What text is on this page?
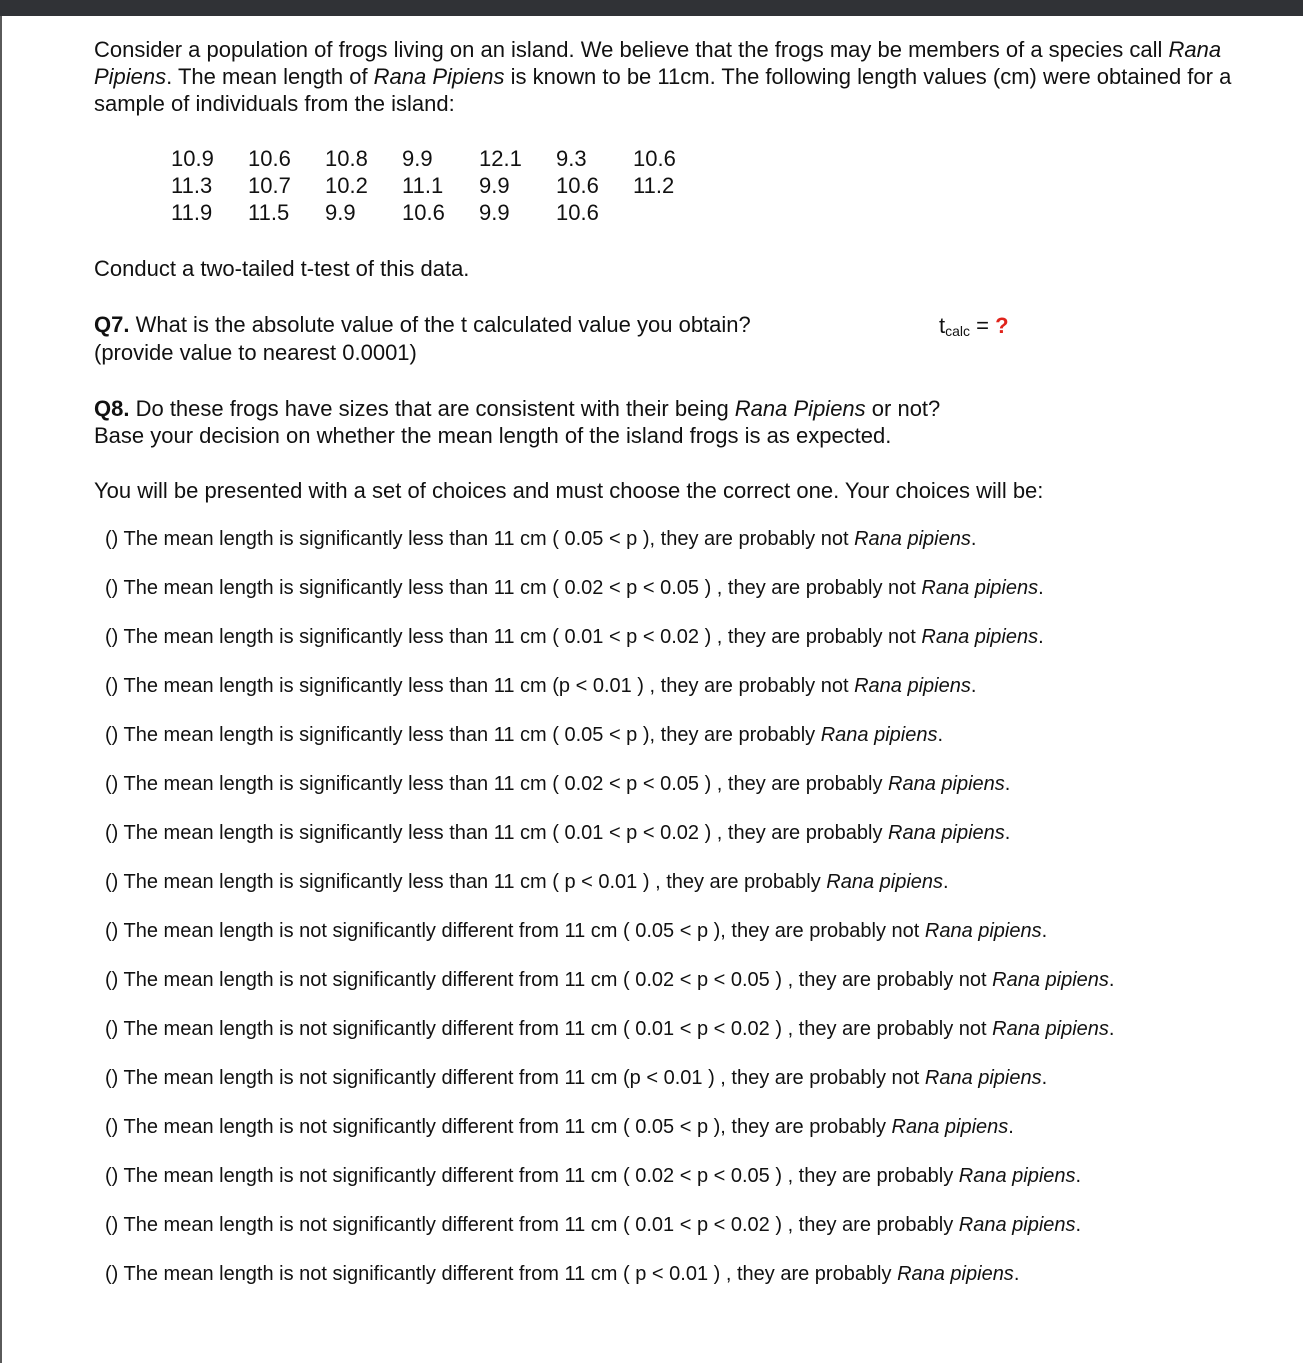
Consider a population of frogs living on an island. We believe that the frogs may be members of a species call Rana Pipiens. The mean length of Rana Pipiens is known to be 11cm. The following length values (cm) were obtained for a sample of individuals from the island:

10.9	10.6	10.8	9.9	12.1	9.3	10.6
11.3	10.7	10.2	11.1	9.9	10.6	11.2
11.9	11.5	9.9	10.6	9.9	10.6	

Conduct a two-tailed t-test of this data.

Q7. What is the absolute value of the t calculated value you obtain?
(provide value to nearest 0.0001)

$t_{calc}$ = ?

Q8. Do these frogs have sizes that are consistent with their being Rana Pipiens or not?
Base your decision on whether the mean length of the island frogs is as expected.

You will be presented with a set of choices and must choose the correct one. Your choices will be:

() The mean length is significantly less than 11 cm ( 0.05 < p ), they are probably not Rana pipiens.
() The mean length is significantly less than 11 cm ( 0.02 < p < 0.05 ) , they are probably not Rana pipiens.
() The mean length is significantly less than 11 cm ( 0.01 < p < 0.02 ) , they are probably not Rana pipiens.
() The mean length is significantly less than 11 cm (p < 0.01 ) , they are probably not Rana pipiens.
() The mean length is significantly less than 11 cm ( 0.05 < p ), they are probably Rana pipiens.
() The mean length is significantly less than 11 cm ( 0.02 < p < 0.05 ) , they are probably Rana pipiens.
() The mean length is significantly less than 11 cm ( 0.01 < p < 0.02 ) , they are probably Rana pipiens.
() The mean length is significantly less than 11 cm ( p < 0.01 ) , they are probably Rana pipiens.
() The mean length is not significantly different from 11 cm ( 0.05 < p ), they are probably not Rana pipiens.
() The mean length is not significantly different from 11 cm ( 0.02 < p < 0.05 ) , they are probably not Rana pipiens.
() The mean length is not significantly different from 11 cm ( 0.01 < p < 0.02 ) , they are probably not Rana pipiens.
() The mean length is not significantly different from 11 cm (p < 0.01 ) , they are probably not Rana pipiens.
() The mean length is not significantly different from 11 cm ( 0.05 < p ), they are probably Rana pipiens.
() The mean length is not significantly different from 11 cm ( 0.02 < p < 0.05 ) , they are probably Rana pipiens.
() The mean length is not significantly different from 11 cm ( 0.01 < p < 0.02 ) , they are probably Rana pipiens.
() The mean length is not significantly different from 11 cm ( p < 0.01 ) , they are probably Rana pipiens.
